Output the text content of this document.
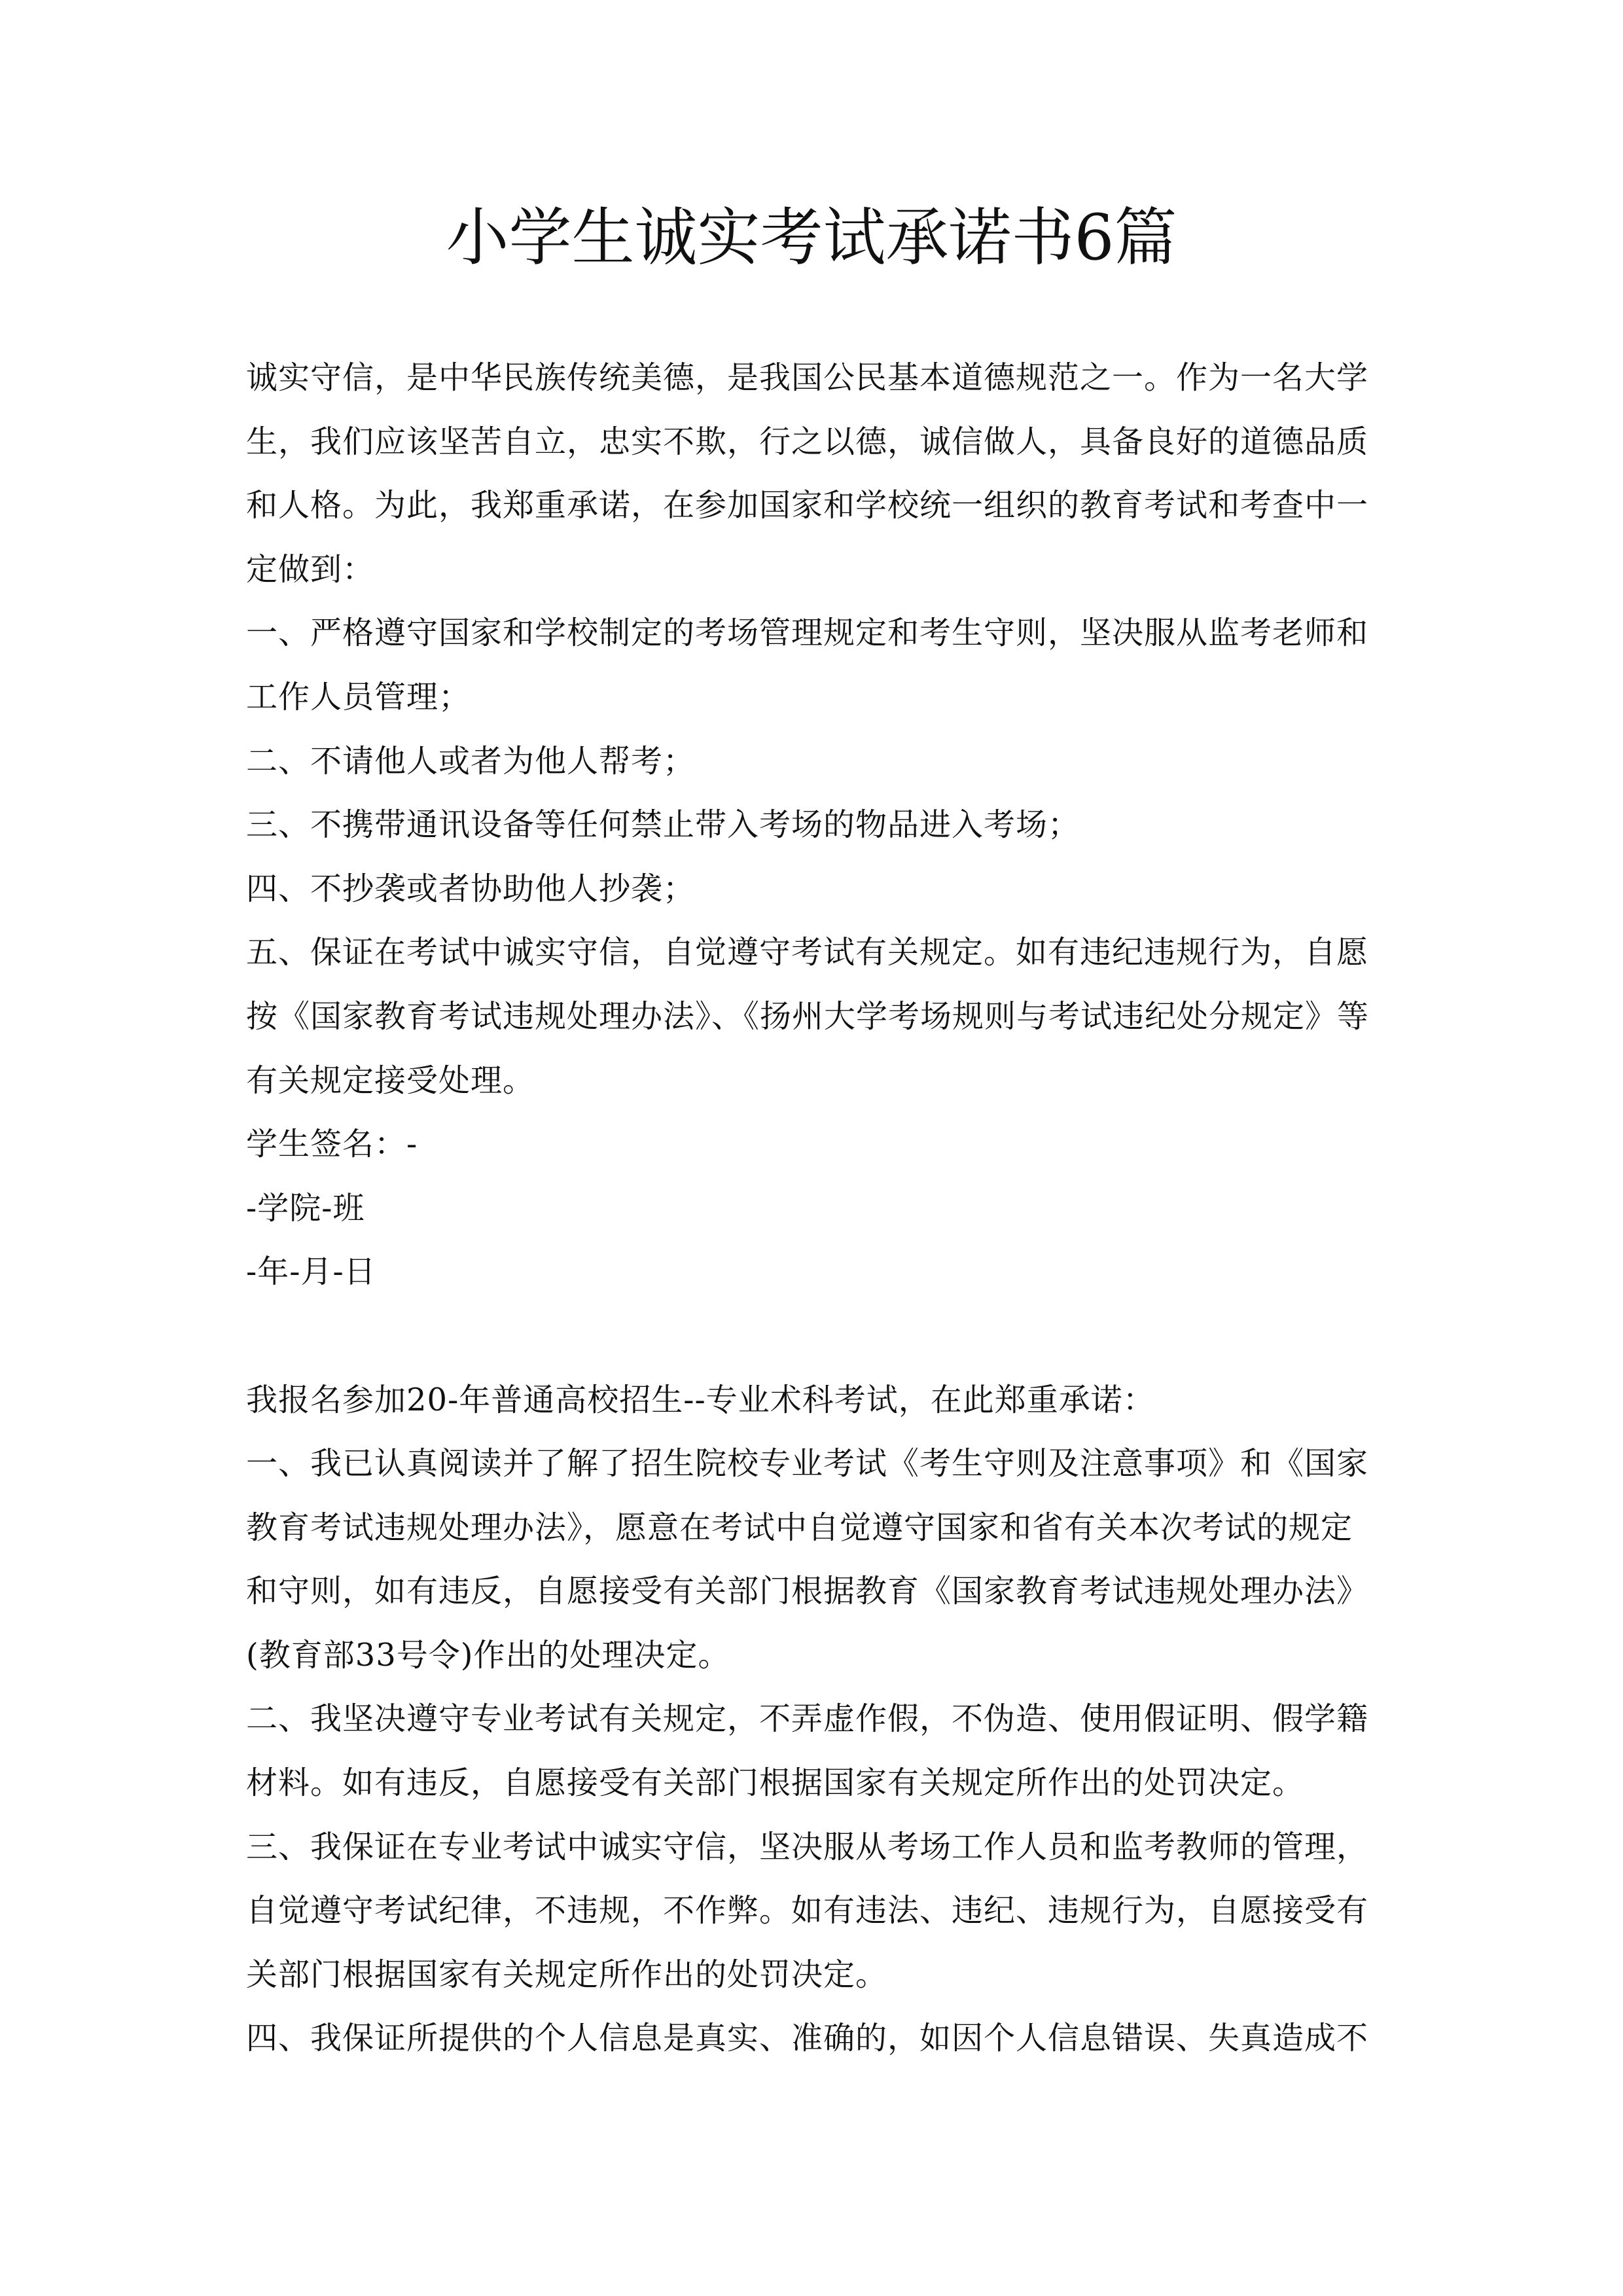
小学生诚实考试承诺书6篇
诚实守信，是中华民族传统美德，是我国公民基本道德规范之一。作为一名大学
生，我们应该坚苦自立，忠实不欺，行之以德，诚信做人，具备良好的道德品质
和人格。为此，我郑重承诺，在参加国家和学校统一组织的教育考试和考查中一
定做到：
一、严格遵守国家和学校制定的考场管理规定和考生守则，坚决服从监考老师和
工作人员管理；
二、不请他人或者为他人帮考；
三、不携带通讯设备等任何禁止带入考场的物品进入考场；
四、不抄袭或者协助他人抄袭；
五、保证在考试中诚实守信，自觉遵守考试有关规定。如有违纪违规行为，自愿
按《国家教育考试违规处理办法》、《扬州大学考场规则与考试违纪处分规定》等
有关规定接受处理。
学生签名：-
-学院-班
-年-月-日
我报名参加20-年普通高校招生--专业术科考试，在此郑重承诺：
一、我已认真阅读并了解了招生院校专业考试《考生守则及注意事项》和《国家
教育考试违规处理办法》，愿意在考试中自觉遵守国家和省有关本次考试的规定
和守则，如有违反，自愿接受有关部门根据教育《国家教育考试违规处理办法》
(教育部33号令)作出的处理决定。
二、我坚决遵守专业考试有关规定，不弄虚作假，不伪造、使用假证明、假学籍
材料。如有违反，自愿接受有关部门根据国家有关规定所作出的处罚决定。
三、我保证在专业考试中诚实守信，坚决服从考场工作人员和监考教师的管理，
自觉遵守考试纪律，不违规，不作弊。如有违法、违纪、违规行为，自愿接受有
关部门根据国家有关规定所作出的处罚决定。
四、我保证所提供的个人信息是真实、准确的，如因个人信息错误、失真造成不
